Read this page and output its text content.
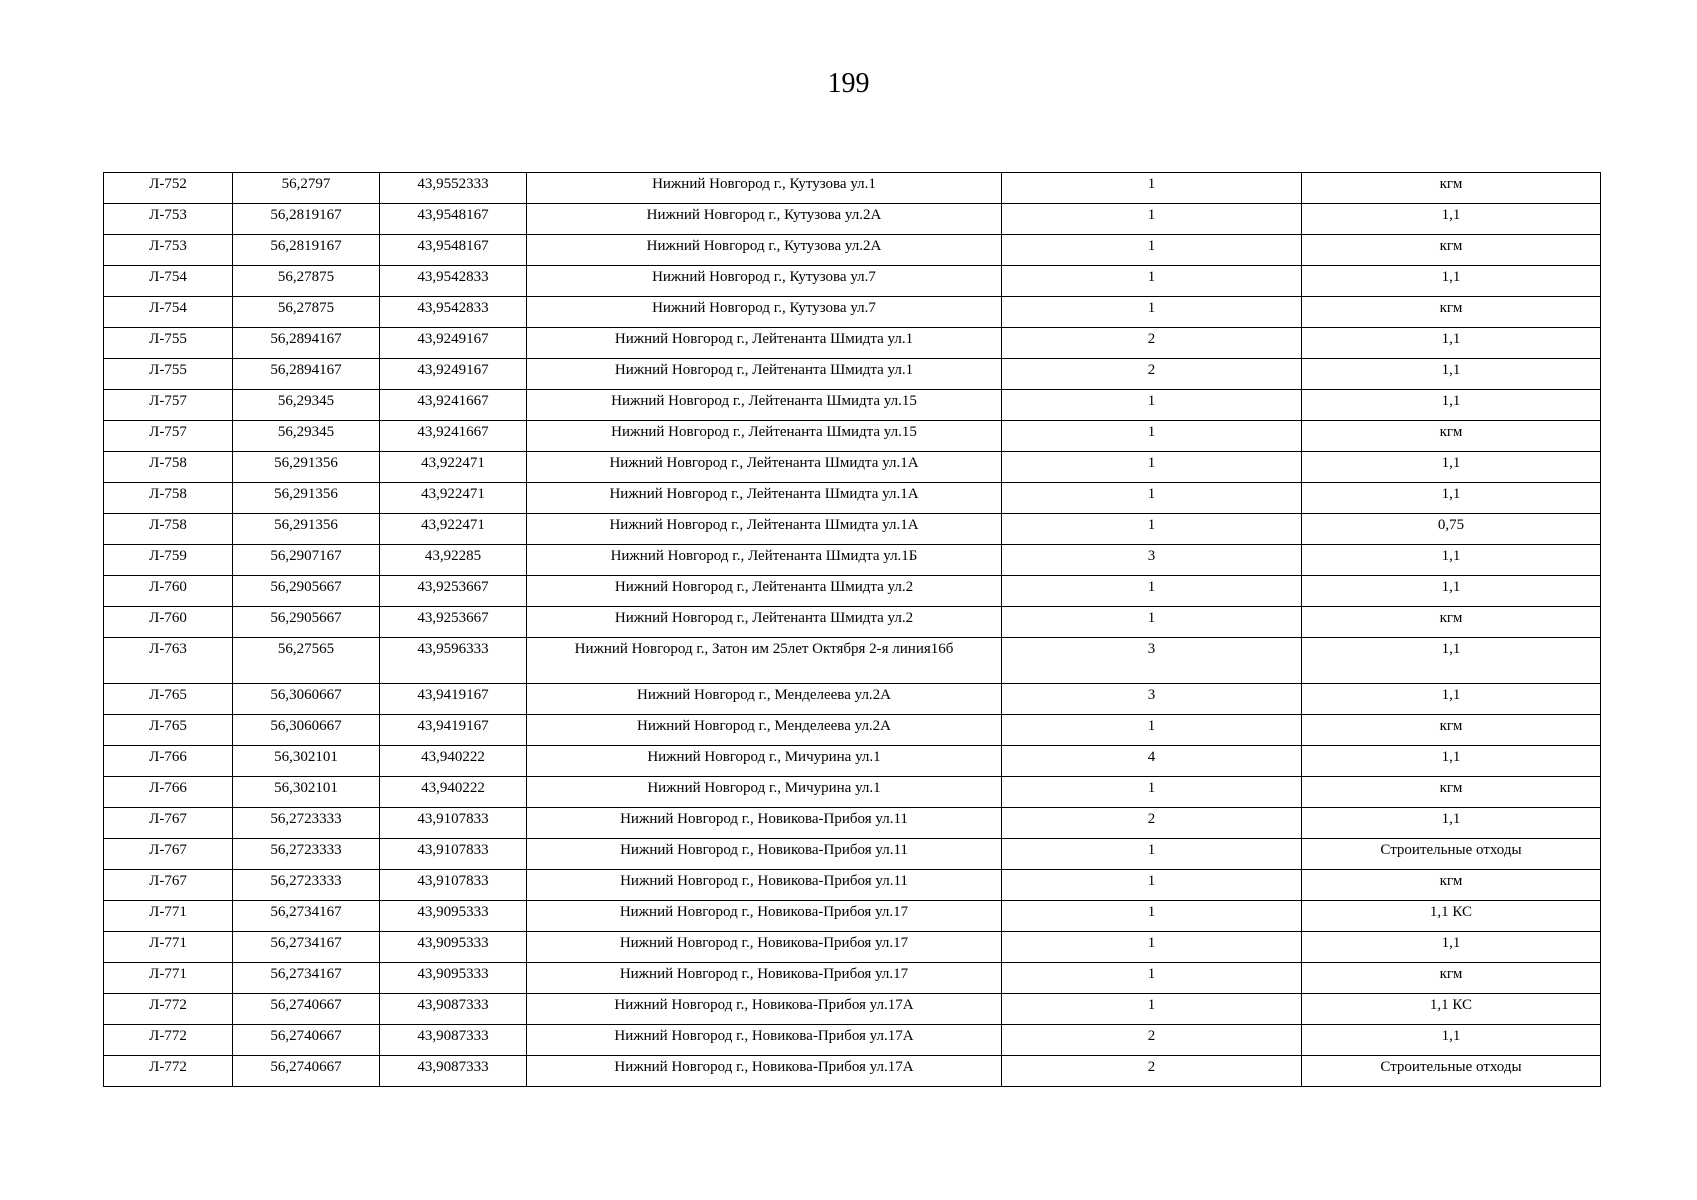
199
Л-752	56,2797	43,9552333	Нижний Новгород г., Кутузова ул.1	1	кгм
Л-753	56,2819167	43,9548167	Нижний Новгород г., Кутузова ул.2А	1	1,1
Л-753	56,2819167	43,9548167	Нижний Новгород г., Кутузова ул.2А	1	кгм
Л-754	56,27875	43,9542833	Нижний Новгород г., Кутузова ул.7	1	1,1
Л-754	56,27875	43,9542833	Нижний Новгород г., Кутузова ул.7	1	кгм
Л-755	56,2894167	43,9249167	Нижний Новгород г., Лейтенанта Шмидта ул.1	2	1,1
Л-755	56,2894167	43,9249167	Нижний Новгород г., Лейтенанта Шмидта ул.1	2	1,1
Л-757	56,29345	43,9241667	Нижний Новгород г., Лейтенанта Шмидта ул.15	1	1,1
Л-757	56,29345	43,9241667	Нижний Новгород г., Лейтенанта Шмидта ул.15	1	кгм
Л-758	56,291356	43,922471	Нижний Новгород г., Лейтенанта Шмидта ул.1А	1	1,1
Л-758	56,291356	43,922471	Нижний Новгород г., Лейтенанта Шмидта ул.1А	1	1,1
Л-758	56,291356	43,922471	Нижний Новгород г., Лейтенанта Шмидта ул.1А	1	0,75
Л-759	56,2907167	43,92285	Нижний Новгород г., Лейтенанта Шмидта ул.1Б	3	1,1
Л-760	56,2905667	43,9253667	Нижний Новгород г., Лейтенанта Шмидта ул.2	1	1,1
Л-760	56,2905667	43,9253667	Нижний Новгород г., Лейтенанта Шмидта ул.2	1	кгм
Л-763	56,27565	43,9596333	Нижний Новгород г., Затон им 25лет Октября 2-я линия16б	3	1,1
Л-765	56,3060667	43,9419167	Нижний Новгород г., Менделеева ул.2А	3	1,1
Л-765	56,3060667	43,9419167	Нижний Новгород г., Менделеева ул.2А	1	кгм
Л-766	56,302101	43,940222	Нижний Новгород г., Мичурина ул.1	4	1,1
Л-766	56,302101	43,940222	Нижний Новгород г., Мичурина ул.1	1	кгм
Л-767	56,2723333	43,9107833	Нижний Новгород г., Новикова-Прибоя ул.11	2	1,1
Л-767	56,2723333	43,9107833	Нижний Новгород г., Новикова-Прибоя ул.11	1	Строительные отходы
Л-767	56,2723333	43,9107833	Нижний Новгород г., Новикова-Прибоя ул.11	1	кгм
Л-771	56,2734167	43,9095333	Нижний Новгород г., Новикова-Прибоя ул.17	1	1,1 КС
Л-771	56,2734167	43,9095333	Нижний Новгород г., Новикова-Прибоя ул.17	1	1,1
Л-771	56,2734167	43,9095333	Нижний Новгород г., Новикова-Прибоя ул.17	1	кгм
Л-772	56,2740667	43,9087333	Нижний Новгород г., Новикова-Прибоя ул.17А	1	1,1 КС
Л-772	56,2740667	43,9087333	Нижний Новгород г., Новикова-Прибоя ул.17А	2	1,1
Л-772	56,2740667	43,9087333	Нижний Новгород г., Новикова-Прибоя ул.17А	2	Строительные отходы
